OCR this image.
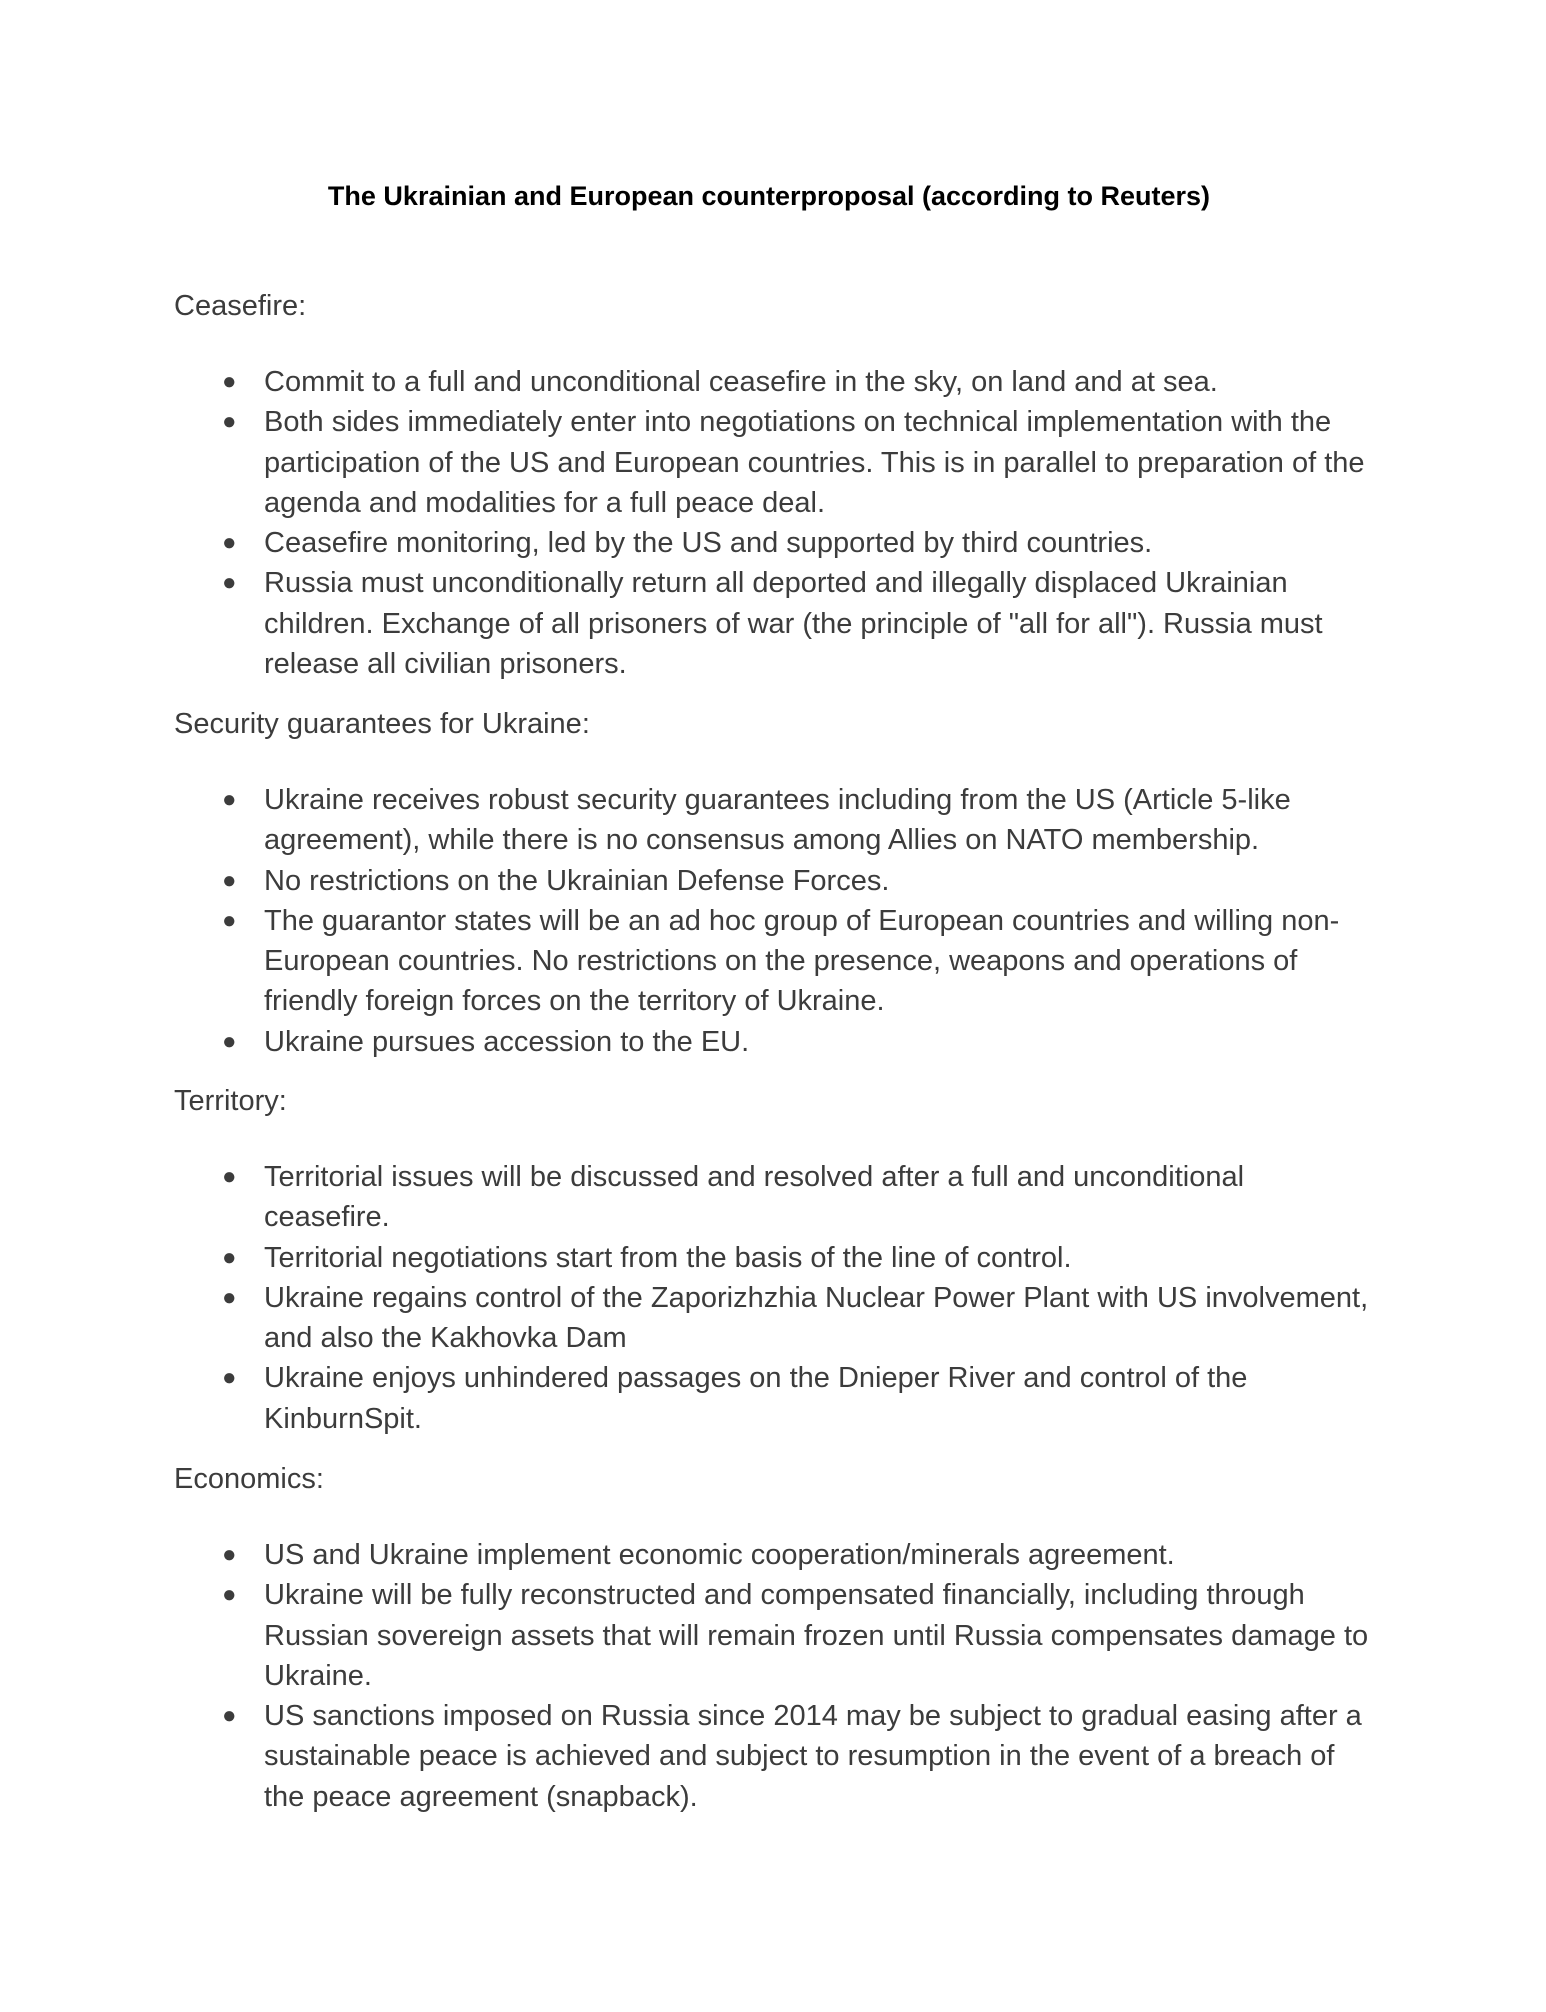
The Ukrainian and European counterproposal (according to Reuters)
Ceasefire:
● Commit to a full and unconditional ceasefire in the sky, on land and at sea.
● Both sides immediately enter into negotiations on technical implementation with the participation of the US and European countries. This is in parallel to preparation of the agenda and modalities for a full peace deal.
● Ceasefire monitoring, led by the US and supported by third countries.
● Russia must unconditionally return all deported and illegally displaced Ukrainian children. Exchange of all prisoners of war (the principle of "all for all"). Russia must release all civilian prisoners.
Security guarantees for Ukraine:
● Ukraine receives robust security guarantees including from the US (Article 5-like agreement), while there is no consensus among Allies on NATO membership.
● No restrictions on the Ukrainian Defense Forces.
● The guarantor states will be an ad hoc group of European countries and willing non-European countries. No restrictions on the presence, weapons and operations of friendly foreign forces on the territory of Ukraine.
● Ukraine pursues accession to the EU.
Territory:
● Territorial issues will be discussed and resolved after a full and unconditional ceasefire.
● Territorial negotiations start from the basis of the line of control.
● Ukraine regains control of the Zaporizhzhia Nuclear Power Plant with US involvement, and also the Kakhovka Dam
● Ukraine enjoys unhindered passages on the Dnieper River and control of the KinburnSpit.
Economics:
● US and Ukraine implement economic cooperation/minerals agreement.
● Ukraine will be fully reconstructed and compensated financially, including through Russian sovereign assets that will remain frozen until Russia compensates damage to Ukraine.
● US sanctions imposed on Russia since 2014 may be subject to gradual easing after a sustainable peace is achieved and subject to resumption in the event of a breach of the peace agreement (snapback).
